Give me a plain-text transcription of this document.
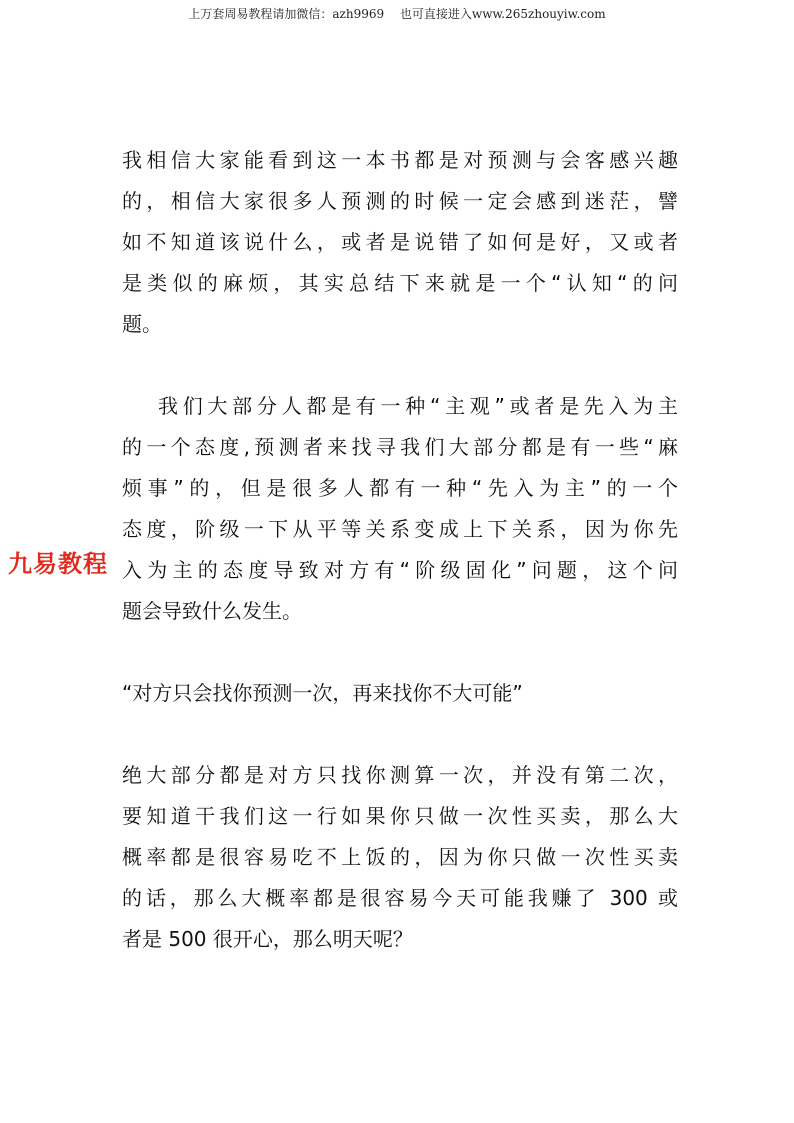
上万套周易教程请加微信：azh9969　 也可直接进入www.265zhouyiw.com
九易教程
我相信大家能看到这一本书都是对预测与会客感兴趣
的，相信大家很多人预测的时候一定会感到迷茫，譬
如不知道该说什么，或者是说错了如何是好，又或者
是类似的麻烦，其实总结下来就是一个“认知“的问
题。
我们大部分人都是有一种“主观”或者是先入为主
的一个态度,预测者来找寻我们大部分都是有一些“麻
烦事”的，但是很多人都有一种“先入为主”的一个
态度，阶级一下从平等关系变成上下关系，因为你先
入为主的态度导致对方有“阶级固化”问题，这个问
题会导致什么发生。
“对方只会找你预测一次，再来找你不大可能”
绝大部分都是对方只找你测算一次，并没有第二次，
要知道干我们这一行如果你只做一次性买卖，那么大
概率都是很容易吃不上饭的，因为你只做一次性买卖
的话，那么大概率都是很容易今天可能我赚了 300 或
者是 500 很开心，那么明天呢？
